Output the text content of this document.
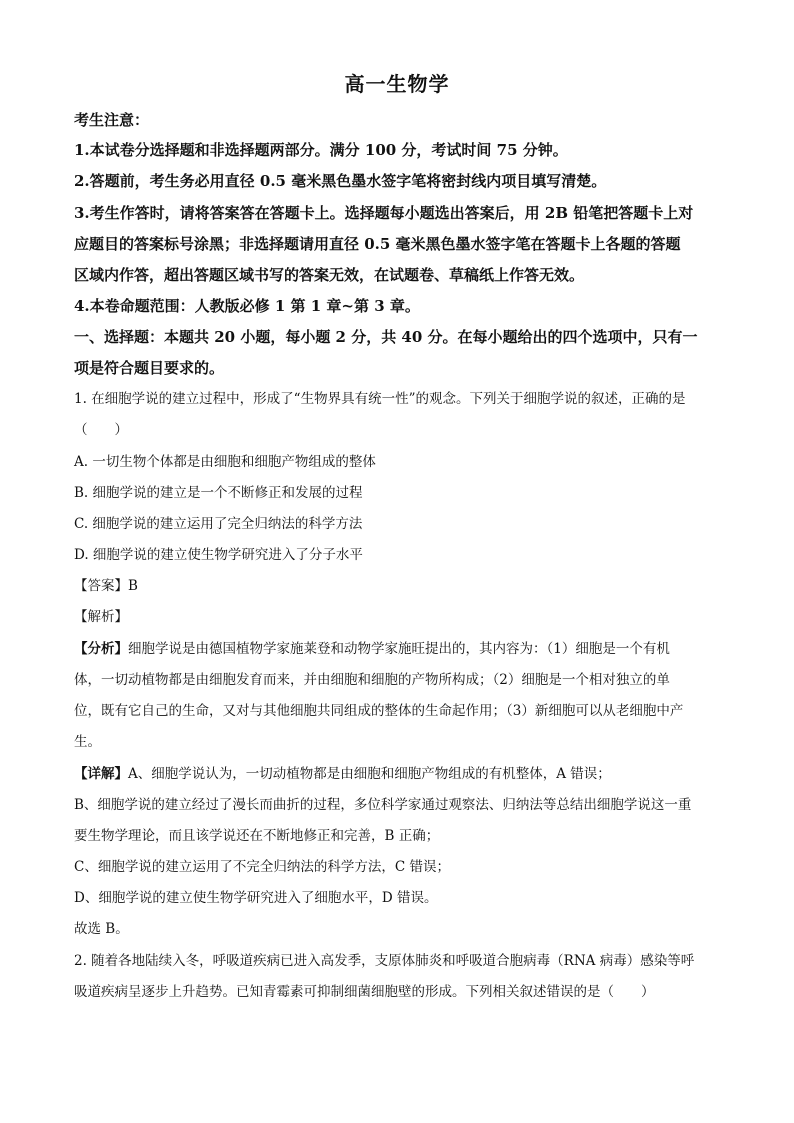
高一生物学
考生注意：
1.本试卷分选择题和非选择题两部分。满分 100 分，考试时间 75 分钟。
2.答题前，考生务必用直径 0.5 毫米黑色墨水签字笔将密封线内项目填写清楚。
3.考生作答时，请将答案答在答题卡上。选择题每小题选出答案后，用 2B 铅笔把答题卡上对
应题目的答案标号涂黑；非选择题请用直径 0.5 毫米黑色墨水签字笔在答题卡上各题的答题
区域内作答，超出答题区域书写的答案无效，在试题卷、草稿纸上作答无效。
4.本卷命题范围：人教版必修 1 第 1 章~第 3 章。
一、选择题：本题共 20 小题，每小题 2 分，共 40 分。在每小题给出的四个选项中，只有一
项是符合题目要求的。
1. 在细胞学说的建立过程中，形成了“生物界具有统一性”的观念。下列关于细胞学说的叙述，正确的是
（　　）
A. 一切生物个体都是由细胞和细胞产物组成的整体
B. 细胞学说的建立是一个不断修正和发展的过程
C. 细胞学说的建立运用了完全归纳法的科学方法
D. 细胞学说的建立使生物学研究进入了分子水平
【答案】B
【解析】
【分析】细胞学说是由德国植物学家施莱登和动物学家施旺提出的，其内容为：（1）细胞是一个有机
体，一切动植物都是由细胞发育而来，并由细胞和细胞的产物所构成；（2）细胞是一个相对独立的单
位，既有它自己的生命，又对与其他细胞共同组成的整体的生命起作用；（3）新细胞可以从老细胞中产
生。
【详解】A、细胞学说认为，一切动植物都是由细胞和细胞产物组成的有机整体，A 错误；
B、细胞学说的建立经过了漫长而曲折的过程，多位科学家通过观察法、归纳法等总结出细胞学说这一重
要生物学理论，而且该学说还在不断地修正和完善，B 正确；
C、细胞学说的建立运用了不完全归纳法的科学方法，C 错误；
D、细胞学说的建立使生物学研究进入了细胞水平，D 错误。
故选 B。
2. 随着各地陆续入冬，呼吸道疾病已进入高发季，支原体肺炎和呼吸道合胞病毒（RNA 病毒）感染等呼
吸道疾病呈逐步上升趋势。已知青霉素可抑制细菌细胞壁的形成。下列相关叙述错误的是（　　）
